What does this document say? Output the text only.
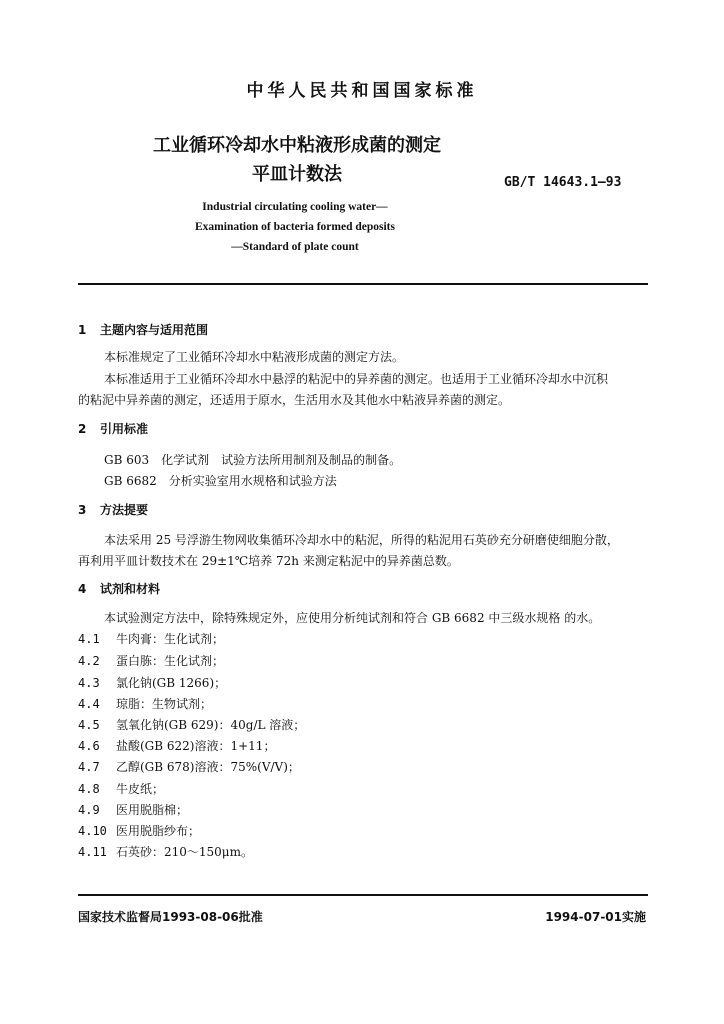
中华人民共和国国家标准
工业循环冷却水中粘液形成菌的测定
平皿计数法	GB/T 14643.1—93
Industrial circulating cooling water—
Examination of bacteria formed deposits
—Standard of plate count
1 主题内容与适用范围
本标准规定了工业循环冷却水中粘液形成菌的测定方法。
本标准适用于工业循环冷却水中悬浮的粘泥中的异养菌的测定。也适用于工业循环冷却水中沉积
的粘泥中异养菌的测定，还适用于原水，生活用水及其他水中粘液异养菌的测定。
2 引用标准
GB 603　化学试剂　试验方法所用制剂及制品的制备。
GB 6682　分析实验室用水规格和试验方法
3 方法提要
本法采用 25 号浮游生物网收集循环冷却水中的粘泥，所得的粘泥用石英砂充分研磨使细胞分散，
再利用平皿计数技术在 29±1℃培养 72h 来测定粘泥中的异养菌总数。
4 试剂和材料
本试验测定方法中，除特殊规定外，应使用分析纯试剂和符合 GB 6682 中三级水规格 的水。
4.1 牛肉膏：生化试剂；
4.2 蛋白胨：生化试剂；
4.3 氯化钠(GB 1266)；
4.4 琼脂：生物试剂；
4.5 氢氧化钠(GB 629)：40g/L 溶液；
4.6 盐酸(GB 622)溶液：1+11；
4.7 乙醇(GB 678)溶液：75%(V/V)；
4.8 牛皮纸；
4.9 医用脱脂棉；
4.10 医用脱脂纱布；
4.11 石英砂：210～150μm。
国家技术监督局1993-08-06批准	1994-07-01实施
